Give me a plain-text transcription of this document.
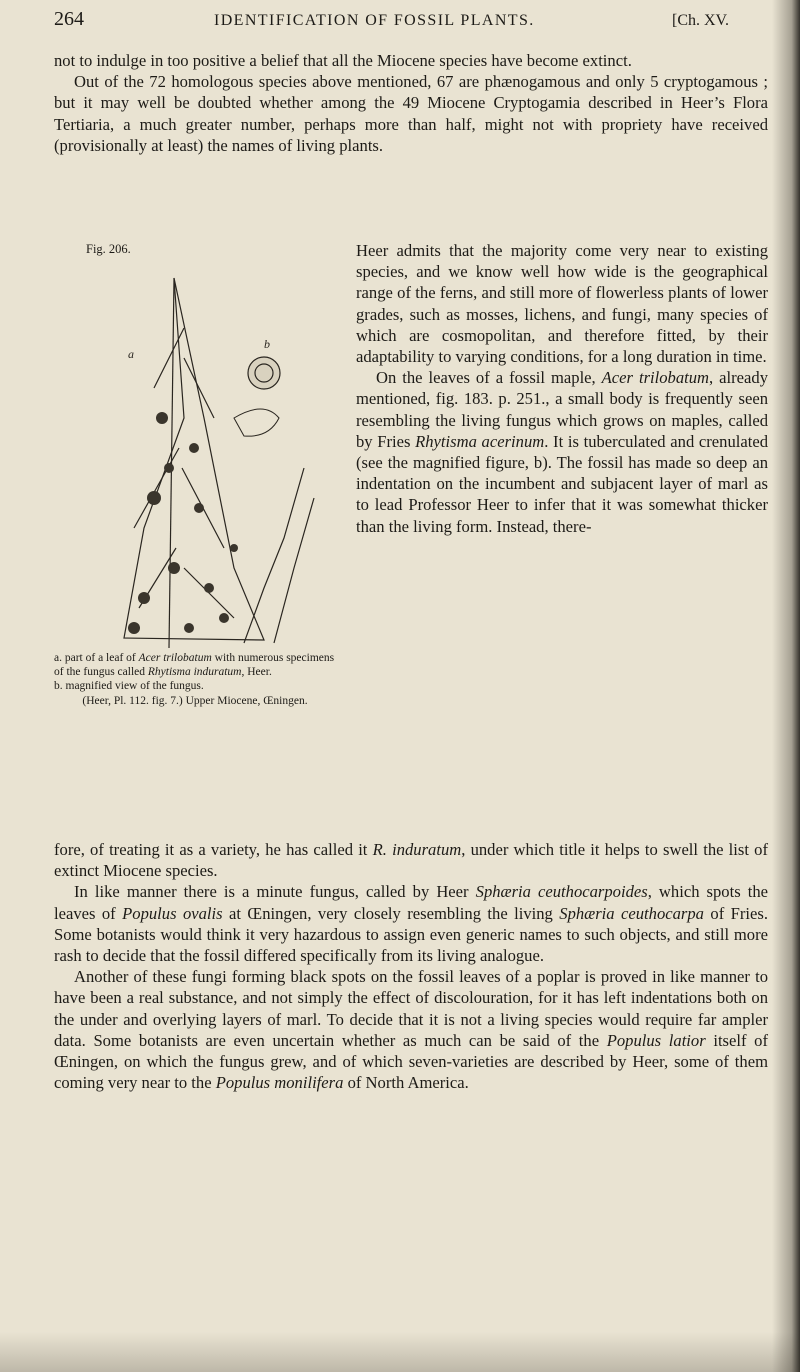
264	IDENTIFICATION OF FOSSIL PLANTS.	[Ch. XV.

not to indulge in too positive a belief that all the Miocene species have become extinct.

Out of the 72 homologous species above mentioned, 67 are phænogamous and only 5 cryptogamous ; but it may well be doubted whether among the 49 Miocene Cryptogamia described in Heer’s Flora Tertiaria, a much greater number, perhaps more than half, might not with propriety have received (provisionally at least) the names of living plants.

Fig. 206.
a
b

a. part of a leaf of Acer trilobatum with numerous specimens of the fungus called Rhytisma induratum, Heer.

b. magnified view of the fungus.

(Heer, Pl. 112. fig. 7.) Upper Miocene, Œningen.

Heer admits that the majority come very near to existing species, and we know well how wide is the geographical range of the ferns, and still more of flowerless plants of lower grades, such as mosses, lichens, and fungi, many species of which are cosmopolitan, and therefore fitted, by their adaptability to varying conditions, for a long duration in time.

On the leaves of a fossil maple, Acer trilobatum, already mentioned, fig. 183. p. 251., a small body is frequently seen resembling the living fungus which grows on maples, called by Fries Rhytisma acerinum. It is tuberculated and crenulated (see the magnified figure, b). The fossil has made so deep an indentation on the incumbent and subjacent layer of marl as to lead Professor Heer to infer that it was somewhat thicker than the living form. Instead, there-

fore, of treating it as a variety, he has called it R. induratum, under which title it helps to swell the list of extinct Miocene species.

In like manner there is a minute fungus, called by Heer Sphæria ceuthocarpoides, which spots the leaves of Populus ovalis at Œningen, very closely resembling the living Sphæria ceuthocarpa of Fries. Some botanists would think it very hazardous to assign even generic names to such objects, and still more rash to decide that the fossil differed specifically from its living analogue.

Another of these fungi forming black spots on the fossil leaves of a poplar is proved in like manner to have been a real substance, and not simply the effect of discolouration, for it has left indentations both on the under and overlying layers of marl. To decide that it is not a living species would require far ampler data. Some botanists are even uncertain whether as much can be said of the Populus latior itself of Œningen, on which the fungus grew, and of which seven-varieties are described by Heer, some of them coming very near to the Populus monilifera of North America.
